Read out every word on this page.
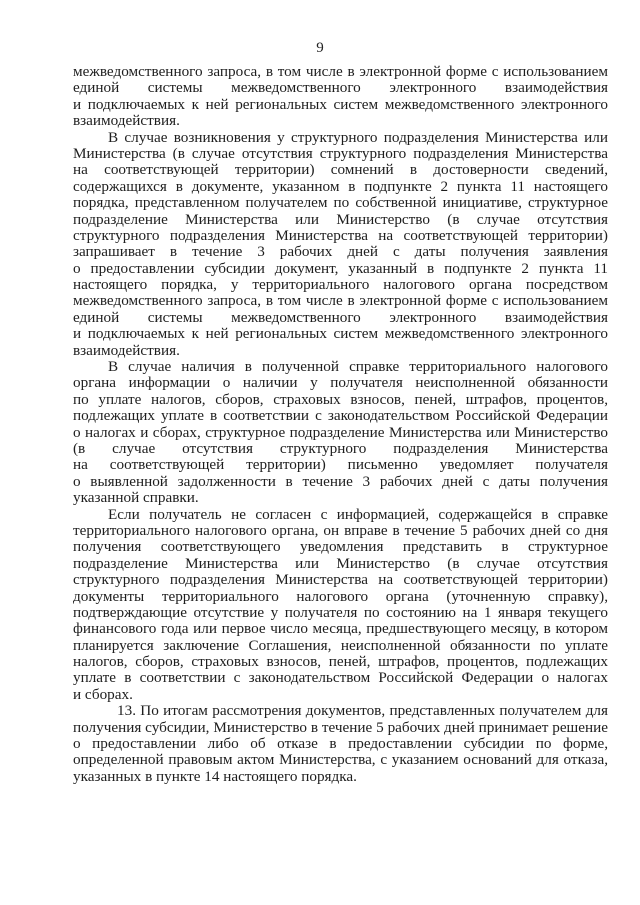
9
межведомственного запроса, в том числе в электронной форме с использованием
единой системы межведомственного электронного взаимодействия
и подключаемых к ней региональных систем межведомственного электронного
взаимодействия.
В случае возникновения у структурного подразделения Министерства или
Министерства (в случае отсутствия структурного подразделения Министерства
на соответствующей территории) сомнений в достоверности сведений,
содержащихся в документе, указанном в подпункте 2 пункта 11 настоящего
порядка, представленном получателем по собственной инициативе, структурное
подразделение Министерства или Министерство (в случае отсутствия
структурного подразделения Министерства на соответствующей территории)
запрашивает в течение 3 рабочих дней с даты получения заявления
о предоставлении субсидии документ, указанный в подпункте 2 пункта 11
настоящего порядка, у территориального налогового органа посредством
межведомственного запроса, в том числе в электронной форме с использованием
единой системы межведомственного электронного взаимодействия
и подключаемых к ней региональных систем межведомственного электронного
взаимодействия.
В случае наличия в полученной справке территориального налогового
органа информации о наличии у получателя неисполненной обязанности
по уплате налогов, сборов, страховых взносов, пеней, штрафов, процентов,
подлежащих уплате в соответствии с законодательством Российской Федерации
о налогах и сборах, структурное подразделение Министерства или Министерство
(в случае отсутствия структурного подразделения Министерства
на соответствующей территории) письменно уведомляет получателя
о выявленной задолженности в течение 3 рабочих дней с даты получения
указанной справки.
Если получатель не согласен с информацией, содержащейся в справке
территориального налогового органа, он вправе в течение 5 рабочих дней со дня
получения соответствующего уведомления представить в структурное
подразделение Министерства или Министерство (в случае отсутствия
структурного подразделения Министерства на соответствующей территории)
документы территориального налогового органа (уточненную справку),
подтверждающие отсутствие у получателя по состоянию на 1 января текущего
финансового года или первое число месяца, предшествующего месяцу, в котором
планируется заключение Соглашения, неисполненной обязанности по уплате
налогов, сборов, страховых взносов, пеней, штрафов, процентов, подлежащих
уплате в соответствии с законодательством Российской Федерации о налогах
и сборах.
13. По итогам рассмотрения документов, представленных получателем для
получения субсидии, Министерство в течение 5 рабочих дней принимает решение
о предоставлении либо об отказе в предоставлении субсидии по форме,
определенной правовым актом Министерства, с указанием оснований для отказа,
указанных в пункте 14 настоящего порядка.
